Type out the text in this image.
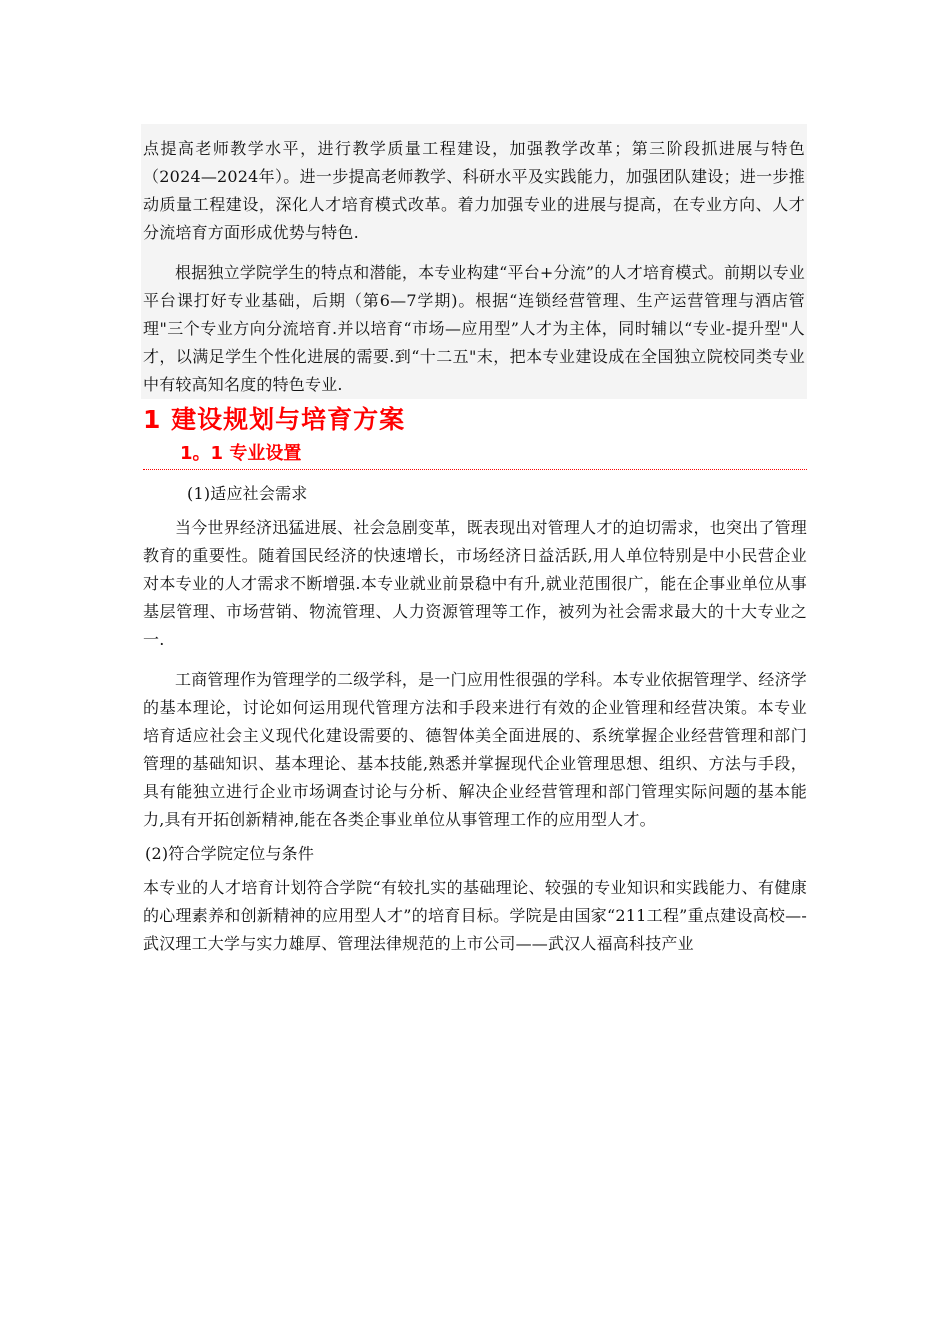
点提高老师教学水平，进行教学质量工程建设，加强教学改革；第三阶段抓进展与特色（2024—2024年）。进一步提高老师教学、科研水平及实践能力，加强团队建设；进一步推动质量工程建设，深化人才培育模式改革。着力加强专业的进展与提高，在专业方向、人才分流培育方面形成优势与特色.

根据独立学院学生的特点和潜能，本专业构建“平台+分流”的人才培育模式。前期以专业平台课打好专业基础，后期（第6—7学期)。根据“连锁经营管理、生产运营管理与酒店管理"三个专业方向分流培育.并以培育“市场—应用型”人才为主体，同时辅以“专业-提升型"人才，以满足学生个性化进展的需要.到“十二五"末，把本专业建设成在全国独立院校同类专业中有较高知名度的特色专业.

1 建设规划与培育方案
1。1 专业设置

(1)适应社会需求

当今世界经济迅猛进展、社会急剧变革，既表现出对管理人才的迫切需求，也突出了管理教育的重要性。随着国民经济的快速增长，市场经济日益活跃,用人单位特别是中小民营企业对本专业的人才需求不断增强.本专业就业前景稳中有升,就业范围很广，能在企事业单位从事基层管理、市场营销、物流管理、人力资源管理等工作，被列为社会需求最大的十大专业之一.

工商管理作为管理学的二级学科，是一门应用性很强的学科。本专业依据管理学、经济学的基本理论，讨论如何运用现代管理方法和手段来进行有效的企业管理和经营决策。本专业培育适应社会主义现代化建设需要的、德智体美全面进展的、系统掌握企业经营管理和部门管理的基础知识、基本理论、基本技能,熟悉并掌握现代企业管理思想、组织、方法与手段，具有能独立进行企业市场调查讨论与分析、解决企业经营管理和部门管理实际问题的基本能力,具有开拓创新精神,能在各类企事业单位从事管理工作的应用型人才。

(2)符合学院定位与条件

本专业的人才培育计划符合学院“有较扎实的基础理论、较强的专业知识和实践能力、有健康的心理素养和创新精神的应用型人才”的培育目标。学院是由国家“211工程”重点建设高校—-武汉理工大学与实力雄厚、管理法律规范的上市公司——武汉人福高科技产业
